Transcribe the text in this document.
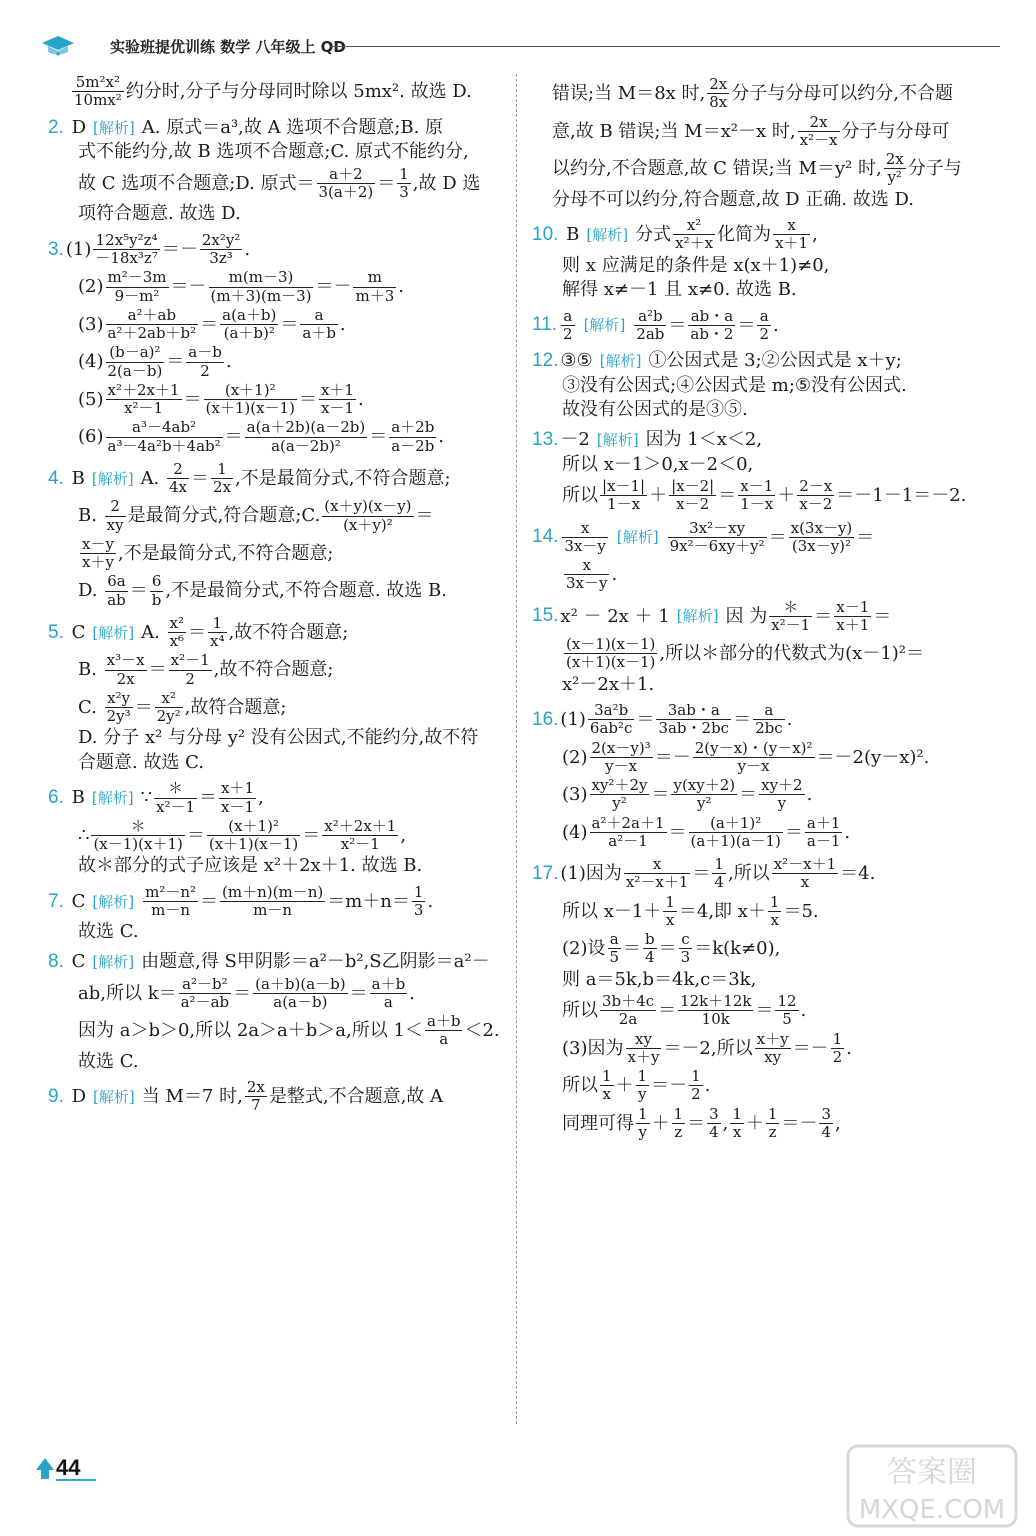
实验班提优训练 数学 八年级上 QD
$\frac{\text{5m²x²}}{\text{10mx²}}$ 约分时,分子与分母同时除以 5mx². 故选 D.
2. D [ 解析 ] A. 原式＝a³,故 A 选项不合题意;B. 原
式不能约分,故 B 选项不合题意;C. 原式不能约分,
故 C 选项不合题意;D. 原式＝ $\frac{a+2}{3(a+2)} = \frac{1}{3}$ ,故 D 选
项符合题意. 故选 D.
3. $(1) \frac{\text{12x⁵y²z⁴}}{\text{－18x³z⁷}} =- \frac{\text{2x²y²}}{\text{3z³}}$ .
$(2) \frac{\text{m²－3m}}{\text{9－m²}} =- \frac{m(m-3)}{(m+3)(m-3)} =- \frac{m}{m+3}$ .
$(3) \frac{\text{a²＋ab}}{\text{a²＋2ab＋b²}} = \frac{a(a+b)}{\text{(a＋b)²}} = \frac{a}{a+b}$ .
$(4) \frac{\text{(b－a)²}}{2(a-b)} = \frac{a-b}{2}$ .
$(5) \frac{\text{x²＋2x＋1}}{\text{x²－1}} = \frac{\text{(x＋1)²}}{(x+1)(x-1)} = \frac{x+1}{x-1}$ .
$(6) \frac{\text{a³－4ab²}}{\text{a³－4a²b＋4ab²}} = \frac{a(a+2b)(a-2b)}{\text{a(a－2b)²}} = \frac{a+2b}{a-2b}$ .
4. B [ 解析 ] A. $\frac{2}{4x} = \frac{1}{2x}$ ,不是最简分式,不符合题意;
B. $\frac{2}{xy}$ 是最简分式,符合题意;C. $\frac{(x+y)(x-y)}{\text{(x＋y)²}}$ ＝
$\frac{x-y}{x+y}$ ,不是最简分式,不符合题意;
D. $\frac{6a}{ab} = \frac{6}{b}$ ,不是最简分式,不符合题意. 故选 B.
5. C [ 解析 ] A. $\frac{\text{x²}}{\text{x⁶}} = \frac{1}{\text{x⁴}}$ ,故不符合题意;
B. $\frac{\text{x³－x}}{2x} = \frac{\text{x²－1}}{2}$ ,故不符合题意;
C. $\frac{\text{x²y}}{\text{2y³}} = \frac{\text{x²}}{\text{2y²}}$ ,故符合题意;
D. 分子 x² 与分母 y² 没有公因式,不能约分,故不符
合题意. 故选 C.
6. B [ 解析 ] ∵ $\frac{*}{\text{x²－1}} = \frac{x+1}{x-1}$ ,
∴ $\frac{*}{(x-1)(x+1)} = \frac{\text{(x＋1)²}}{(x+1)(x-1)} = \frac{\text{x²＋2x＋1}}{\text{x²－1}}$ ,
故＊部分的式子应该是 x²＋2x＋1. 故选 B.
7. C [ 解析 ] $\frac{\text{m²－n²}}{m-n} = \frac{(m+n)(m-n)}{m-n} =m+n= \frac{1}{3}$ .
故选 C.
8. C [ 解析 ] 由题意,得 S甲阴影＝a²－b²,S乙阴影＝a²－
ab,所以 $k= \frac{\text{a²－b²}}{\text{a²－ab}} = \frac{(a+b)(a-b)}{a(a-b)} = \frac{a+b}{a}$ .
因为 a＞b＞0,所以 2a＞a＋b＞a,所以 $1< \frac{a+b}{a} <2$.
故选 C.
9. D [ 解析 ] 当 M＝7 时, $\frac{2x}{7}$ 是整式,不合题意,故 A
错误;当 M＝8x 时, $\frac{2x}{8x}$ 分子与分母可以约分,不合题
意,故 B 错误;当 M＝x²－x 时, $\frac{2x}{\text{x²－x}}$ 分子与分母可
以约分,不合题意,故 C 错误;当 M＝y² 时, $\frac{2x}{\text{y²}}$ 分子与
分母不可以约分,符合题意,故 D 正确. 故选 D.
10. B [ 解析 ] 分式 $\frac{\text{x²}}{\text{x²＋x}}$ 化简为 $\frac{x}{x+1}$ ,
则 x 应满足的条件是 x(x＋1)≠0,
解得 x≠－1 且 x≠0. 故选 B.
11. $\frac{a}{2}$ [ 解析 ] $\frac{\text{a²b}}{2ab} = \frac{ab・a}{ab・2} = \frac{a}{2}$ .
12. ③⑤ [ 解析 ] ①公因式是 3;②公因式是 x＋y;
③没有公因式;④公因式是 m;⑤没有公因式.
故没有公因式的是③⑤.
13. －2 [ 解析 ] 因为 1＜x＜2,
所以 x－1＞0,x－2＜0,
所以 $\frac{|x-1|}{1-x} + \frac{|x-2|}{x-2} = \frac{x-1}{1-x} + \frac{2-x}{x-2} =-1-1=-2$.
14. $\frac{x}{3x-y}$ [ 解析 ] $\frac{\text{3x²－xy}}{\text{9x²－6xy＋y²}} = \frac{x(3x-y)}{\text{(3x－y)²}}$ ＝
$\frac{x}{3x-y}$ .
15. x² － 2x ＋ 1 [ 解析 ] 因 为 $\frac{*}{\text{x²－1}} = \frac{x-1}{x+1}$ ＝
$\frac{(x-1)(x-1)}{(x+1)(x-1)}$ ,所以＊部分的代数式为(x－1)²＝
x²－2x＋1.
16. $(1) \frac{\text{3a²b}}{\text{6ab²c}} = \frac{3ab・a}{3ab・2bc} = \frac{a}{2bc}$ .
$(2) \frac{\text{2(x－y)³}}{y-x} =- \frac{\text{2(y－x)・(y－x)²}}{y-x} =-2(y-x)^2$.
$(3) \frac{\text{xy²＋2y}}{\text{y²}} = \frac{y(xy+2)}{\text{y²}} = \frac{xy+2}{y}$ .
$(4) \frac{\text{a²＋2a＋1}}{\text{a²－1}} = \frac{\text{(a＋1)²}}{(a+1)(a-1)} = \frac{a+1}{a-1}$ .
17. (1)因为 $\frac{x}{\text{x²－x＋1}} = \frac{1}{4}$ ,所以 $\frac{\text{x²－x＋1}}{x} =4$.
所以 $x-1+ \frac{1}{x} =4$,即 $x+ \frac{1}{x} =5$.
(2)设 $\frac{a}{5} = \frac{b}{4} = \frac{c}{3} =k(k\ne 0)$,
则 a＝5k,b＝4k,c＝3k,
所以 $\frac{3b+4c}{2a} = \frac{12k+12k}{10k} = \frac{12}{5}$ .
(3)因为 $\frac{xy}{x+y} =-2$,所以 $\frac{x+y}{xy} =- \frac{1}{2}$ .
所以 $\frac{1}{x} + \frac{1}{y} =- \frac{1}{2}$ .
同理可得 $\frac{1}{y} + \frac{1}{z} = \frac{3}{4}$ , $\frac{1}{x} + \frac{1}{z} =- \frac{3}{4}$ ,
44	答案圈
MXQE.COM
